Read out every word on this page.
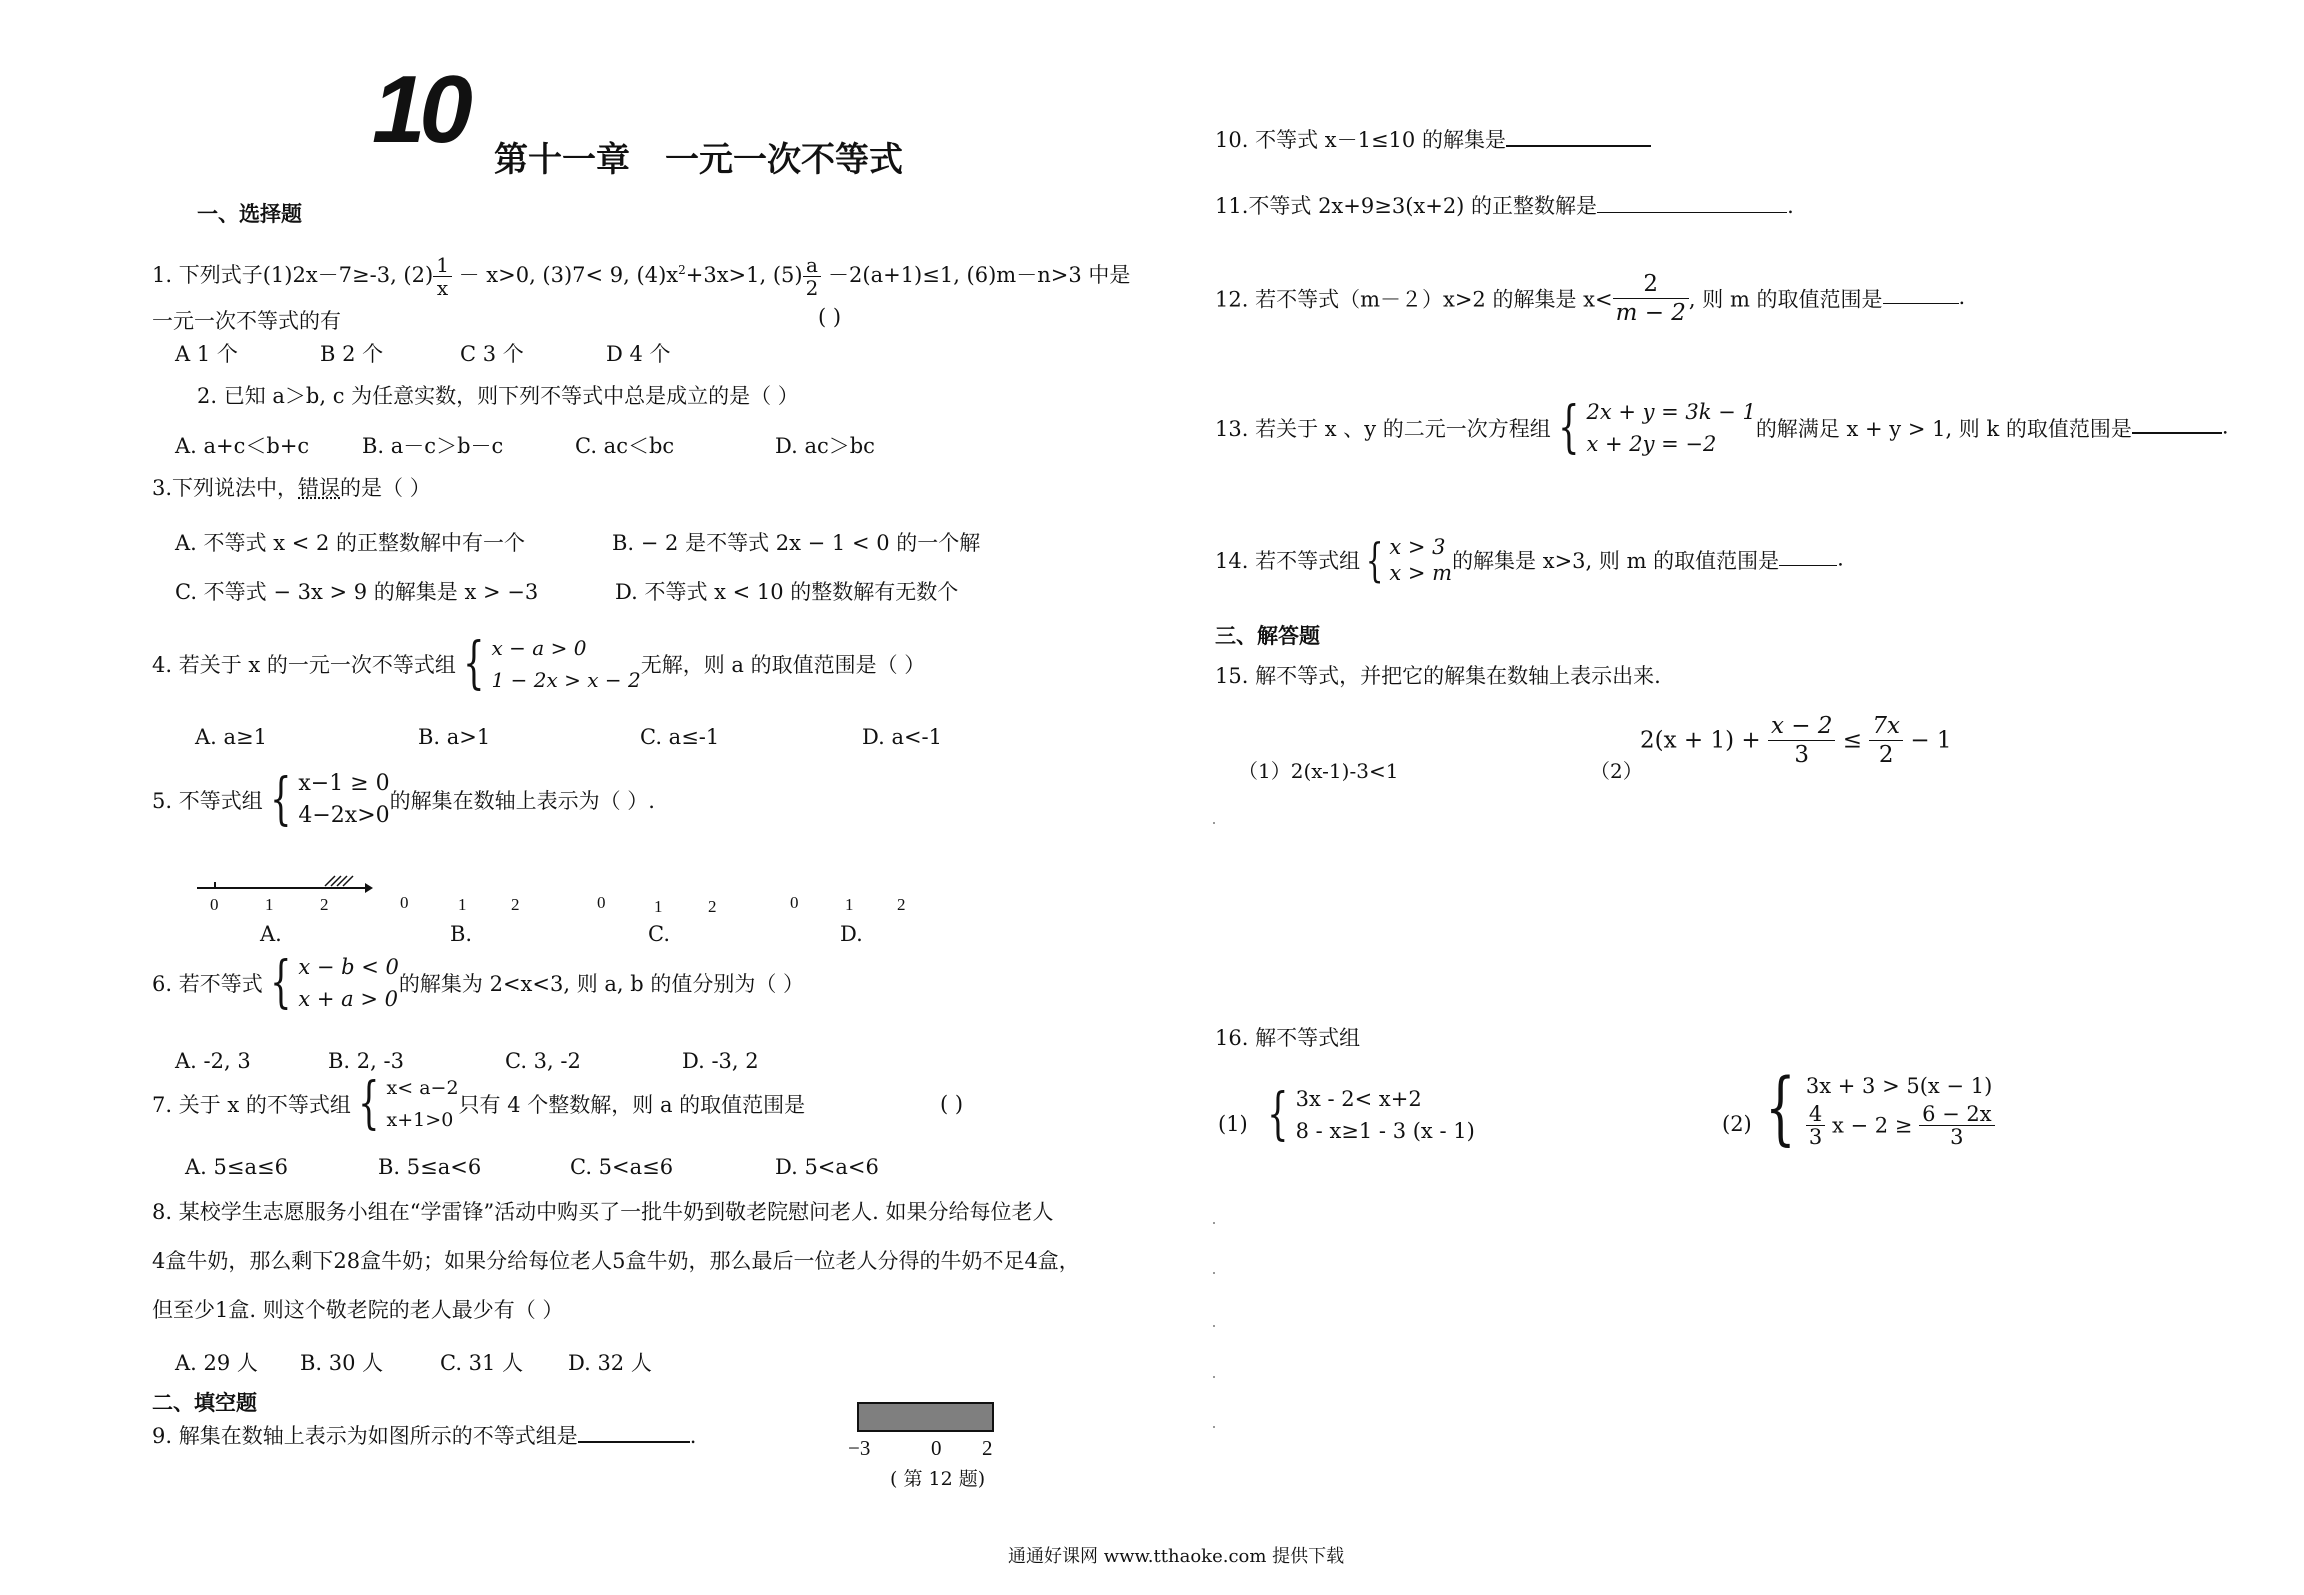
10 第十一章 一元一次不等式
一、选择题
1. 下列式子(1)2x－7≥-3, $(2) \frac{1}{x} - x>0$, (3)7< 9, $(4)x^2+3x>1$, $(5) \frac{a}{2} -2(a+1)\le 1$, (6)m－n>3 中是
一元一次不等式的有	( )
A 1 个	B 2 个	C 3 个	D 4 个
2. 已知 a＞b, c 为任意实数，则下列不等式中总是成立的是（ ）
A. a+c＜b+c	B. a－c＞b－c	C. ac＜bc	D. ac＞bc
3.下列说法中，错误的是（ ）
A. 不等式 x < 2 的正整数解中有一个	B. − 2 是不等式 2x − 1 < 0 的一个解
C. 不等式 − 3x > 9 的解集是 x > −3	D. 不等式 x < 10 的整数解有无数个
4. 若关于 x 的一元一次不等式组 { x − a > 0
1 − 2x > x − 2无解，则 a 的取值范围是（ ）
A. a≥1	B. a>1	C. a≤-1	D. a<-1
5. 不等式组 { x−1 ≥ 0
4−2x>0的解集在数轴上表示为（ ）.
0	1	2	0	1	2	0	1	2	0	1	2
A.	B.	C.	D.
6. 若不等式 { x − b < 0
x + a > 0的解集为 2<x<3, 则 a, b 的值分别为（ ）
A. -2, 3	B. 2, -3	C. 3, -2	D. -3, 2
7. 关于 x 的不等式组 { x< a−2
x+1>0只有 4 个整数解，则 a 的取值范围是	( )
A. 5≤a≤6	B. 5≤a<6	C. 5<a≤6	D. 5<a<6
8. 某校学生志愿服务小组在“学雷锋”活动中购买了一批牛奶到敬老院慰问老人. 如果分给每位老人
4盒牛奶，那么剩下28盒牛奶；如果分给每位老人5盒牛奶，那么最后一位老人分得的牛奶不足4盒，
但至少1盒. 则这个敬老院的老人最少有（ ）
A. 29 人 B. 30 人	C. 31 人 D. 32 人
二、填空题
9. 解集在数轴上表示为如图所示的不等式组是	.	−3	0 2
( 第 12 题)
10. 不等式 x－1≤10 的解集是
11.不等式 2x+9≥3(x+2) 的正整数解是	.
12. 若不等式（m－２）x>2 的解集是 $x< \frac{2}{m - 2}$ , 则 m 的取值范围是	.
13. 若关于 x 、y 的二元一次方程组 { 2x + y = 3k − 1
x + 2y = −2的解满足 x + y > 1, 则 k 的取值范围是	.
14. 若不等式组 { x > 3
x > m的解集是 x>3, 则 m 的取值范围是	.
三、解答题
15. 解不等式，并把它的解集在数轴上表示出来.
（1）2(x-1)-3<1	（2）
$2(x + 1) + \frac{x - 2}{3} \le \frac{7x}{2} - 1$
16. 解不等式组
(1) { 3x - 2< x+2
8 - x≥1 - 3 (x - 1)	(2) { 3x + 3 > 5(x − 1)

$\frac{4}{3}$ $x - 2 \ge \frac{6 - 2x}{3}$
通通好课网 www.tthaoke.com 提供下载
